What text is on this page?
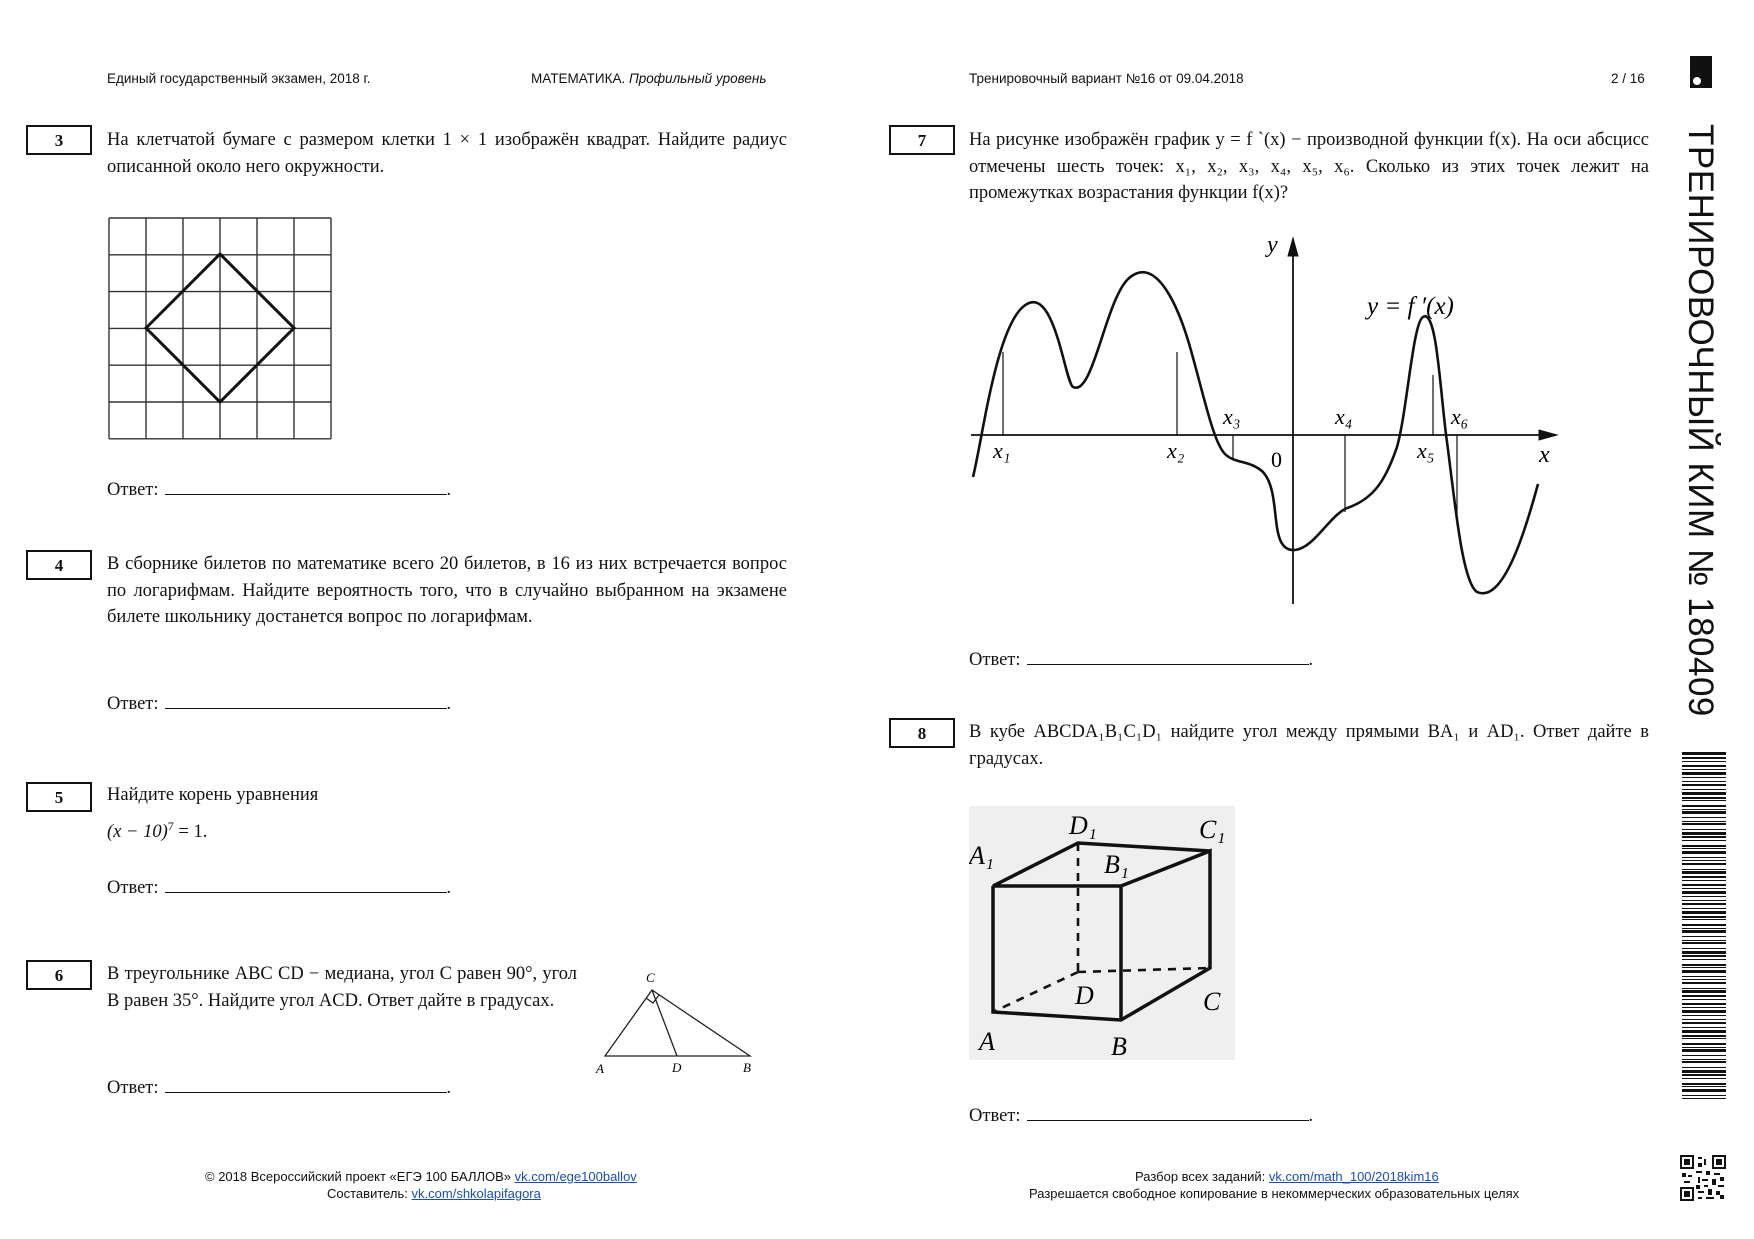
Единый государственный экзамен, 2018 г.	МАТЕМАТИКА. Профильный уровень	Тренировочный вариант №16 от 09.04.2018	2 / 16
ТРЕНИРОВОЧНЫЙ КИМ № 180409
3	На клетчатой бумаге с размером клетки 1 × 1 изображён квадрат. Найдите радиус описанной около него окружности.
Ответ:	.
4	В сборнике билетов по математике всего 20 билетов, в 16 из них встречается вопрос по логарифмам. Найдите вероятность того, что в случайно выбранном на экзамене билете школьнику достанется вопрос по логарифмам.
Ответ:	.
5	Найдите корень уравнения
$(x - 10)^7 = 1$.
Ответ:	.
6	В треугольнике ABC CD − медиана, угол C равен 90°, угол B равен 35°. Найдите угол ACD. Ответ дайте в градусах.
C
A	D	B
Ответ:	.
7	На рисунке изображён график y = f `(x) − производной функции f(x). На оси абсцисс отмечены шесть точек: x₁, x₂, x₃, x₄, x₅, x₆. Сколько из этих точек лежит на промежутках возрастания функции f(x)?
y
x
0
y = f ′(x)
x₁	x₂
x₃	x₄
x₅
x₆
Ответ:	.
8	В кубе ABCDA₁B₁C₁D₁ найдите угол между прямыми BA₁ и AD₁. Ответ дайте в градусах.
D₁	C₁
A₁	B₁
D	C
A	B
Ответ:	.
© 2018 Всероссийский проект «ЕГЭ 100 БАЛЛОВ» vk.com/ege100ballov
Составитель: vk.com/shkolapifagora
Разбор всех заданий: vk.com/math_100/2018kim16
Разрешается свободное копирование в некоммерческих образовательных целях
